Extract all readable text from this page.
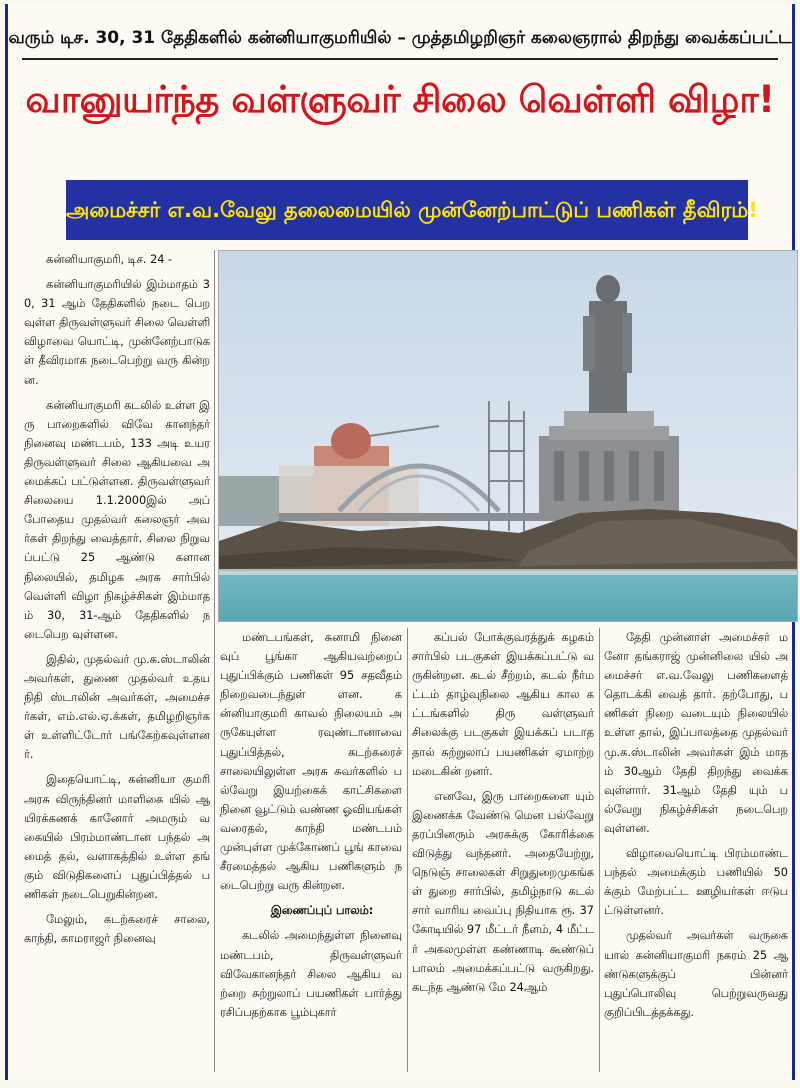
வரும் டிச. 30, 31 தேதிகளில் கன்னியாகுமரியில் – முத்தமிழறிஞர் கலைஞரால் திறந்து வைக்கப்பட்ட
வானுயர்ந்த வள்ளுவர் சிலை வெள்ளி விழா!
அமைச்சர் எ.வ.வேலு தலைமையில் முன்னேற்பாட்டுப் பணிகள் தீவிரம்!

கன்னியாகுமரி, டிச. 24 -

கன்னியாகுமரியில் இம்மாதம் 30, 31 ஆம் தேதிகளில் நடை பெறவுள்ள திருவள்ளுவர் சிலை வெள்ளி விழாவை யொட்டி, முன்னேற்பாடுகள் தீவிரமாக நடைபெற்று வரு கின்றன.

கன்னியாகுமரி கடலில் உள்ள இரு பாறைகளில் விவே கானந்தர் நினைவு மண்டபம், 133 அடி உயர திருவள்ளுவர் சிலை ஆகியவை அமைக்கப் பட்டுள்ளன. திருவள்ளுவர் சிலையை 1.1.2000இல் அப் போதைய முதல்வர் கலைஞர் அவர்கள் திறந்து வைத்தார். சிலை நிறுவப்பட்டு 25 ஆண்டு களான நிலையில், தமிழக அரசு சார்பில் வெள்ளி விழா நிகழ்ச்சிகள் இம்மாதம் 30, 31-ஆம் தேதிகளில் நடைபெற வுள்ளன.

இதில், முதல்வர் மு.க.ஸ்டாலின் அவர்கள், துணை முதல்வர் உதயநிதி ஸ்டாலின் அவர்கள், அமைச்சர்கள், எம்.எல்.ஏ.க்கள், தமிழறிஞர்கள் உள்ளிட்டோர் பங்கேற்கவுள்ளனர்.

இதையொட்டி, கன்னியா குமரி அரசு விருந்தினர் மாளிகை யில் ஆயிரக்கணக் கானோர் அமரும் வகையில் பிரம்மாண்டான பந்தல் அமைத் தல், வளாகத்தில் உள்ள தங் கும் விடுதிகளைப் புதுப்பித்தல் பணிகள் நடைபெறுகின்றன.

மேலும், கடற்கரைச் சாலை, காந்தி, காமராஜர் நினைவு

மண்டபங்கள், சுனாமி நினை வுப் பூங்கா ஆகியவற்றைப் புதுப்பிக்கும் பணிகள் 95 சதவீதம் நிறைவடைந்துள் ளன. கன்னியாகுமரி காவல் நிலையம் அருகேயுள்ள ரவுண்டானாவை புதுப்பித்தல், கடற்கரைச் சாலையிலுள்ள அரசு சுவர்களில் பல்வேறு இயற்கைக் காட்சிகளை நினை வூட்டும் வண்ண ஓவியங்கள் வரைதல், காந்தி மண்டபம் முன்புள்ள முக்கோணப் பூங் காவை சீரமைத்தல் ஆகிய பணிகளும் நடைபெற்று வரு கின்றன.

இணைப்புப் பாலம்:

கடலில் அமைந்துள்ள நினைவு மண்டபம், திருவள்ளுவர் விவேகானந்தர் சிலை ஆகிய வற்றை சுற்றுலாப் பயணிகள் பார்த்து ரசிப்பதற்காக பூம்புகார்

கப்பல் போக்குவரத்துக் கழகம் சார்பில் படகுகள் இயக்கப்பட்டு வருகின்றன. கடல் சீற்றம், கடல் நீர்மட்டம் தாழ்வுநிலை ஆகிய கால கட்டங்களில் திரு வள்ளுவர் சிலைக்கு படகுகள் இயக்கப் படாததால் சுற்றுலாப் பயணிகள் ஏமாற்றமடைகின் றனர்.

எனவே, இரு பாறைகளை யும் இணைக்க வேண்டு மென பல்வேறு தரப்பினரும் அரசுக்கு கோரிக்கை விடுத்து வந்தனர். அதையேற்று, நெடுஞ் சாலைகள் சிறுதுறைமுகங்கள் துறை சார்பில், தமிழ்நாடு கடல் சார் வாரிய வைப்பு நிதியாக ரூ. 37 கோடியில் 97 மீட்டர் நீளம், 4 மீட்டர் அகலமுள்ள கண்ணாடி கூண்டுப் பாலம் அமைக்கப்பட்டு வருகிறது. கடந்த ஆண்டு மே 24ஆம்

தேதி முன்னாள் அமைச்சர் மனோ தங்கராஜ் முன்னிலை யில் அமைச்சர் எ.வ.வேலு பணிகளைத் தொடக்கி வைத் தார். தற்போது, பணிகள் நிறை வடையும் நிலையில் உள்ள தால், இப்பாலத்தை முதல்வர் மு.க.ஸ்டாலின் அவர்கள் இம் மாதம் 30ஆம் தேதி திறந்து வைக்கவுள்ளார். 31ஆம் தேதி யும் பல்வேறு நிகழ்ச்சிகள் நடைபெறவுள்ளன.

விழாவையொட்டி பிரம்மாண்ட பந்தல் அமைக்கும் பணியில் 50க்கும் மேற்பட்ட ஊழியர்கள் ஈடுபட்டுள்ளனர்.

முதல்வர் அவர்கள் வருகை யால் கன்னியாகுமரி நகரம் 25 ஆண்டுகளுக்குப் பின்னர் புதுப்பொலிவு பெற்றுவருவது குறிப்பிடத்தக்கது.
